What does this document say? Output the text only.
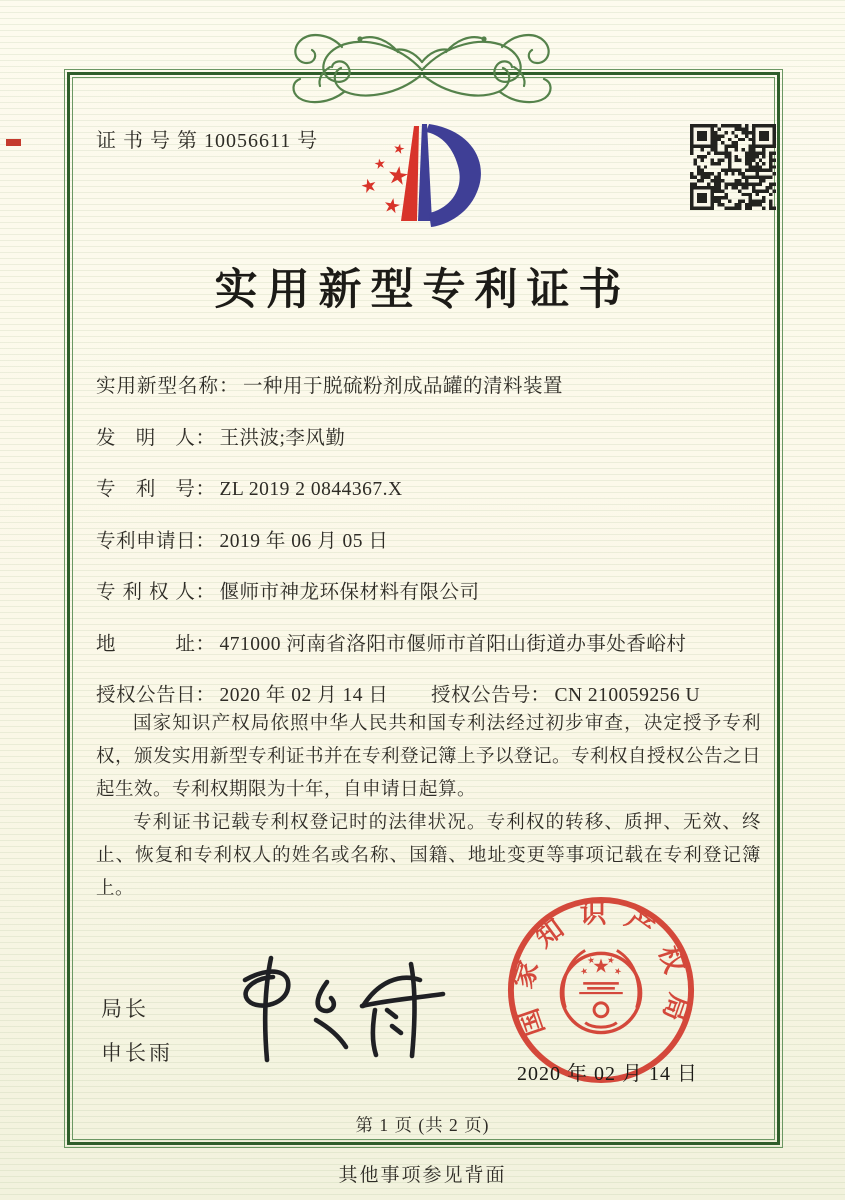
证 书 号 第 10056611 号
实用新型专利证书
实用新型名称： 一种用于脱硫粉剂成品罐的清料装置
发明人： 王洪波;李风勤
专利号： ZL 2019 2 0844367.X
专利申请日： 2019 年 06 月 05 日
专利权人： 偃师市神龙环保材料有限公司
地址： 471000 河南省洛阳市偃师市首阳山街道办事处香峪村
授权公告日： 2020 年 02 月 14 日 授权公告号： CN 210059256 U

国家知识产权局依照中华人民共和国专利法经过初步审查，决定授予专利权，颁发实用新型专利证书并在专利登记簿上予以登记。专利权自授权公告之日起生效。专利权期限为十年，自申请日起算。

专利证书记载专利权登记时的法律状况。专利权的转移、质押、无效、终止、恢复和专利权人的姓名或名称、国籍、地址变更等事项记载在专利登记簿上。

局长
申长雨
国家知识产权局
2020 年 02 月 14 日
第 1 页 (共 2 页)
其他事项参见背面
